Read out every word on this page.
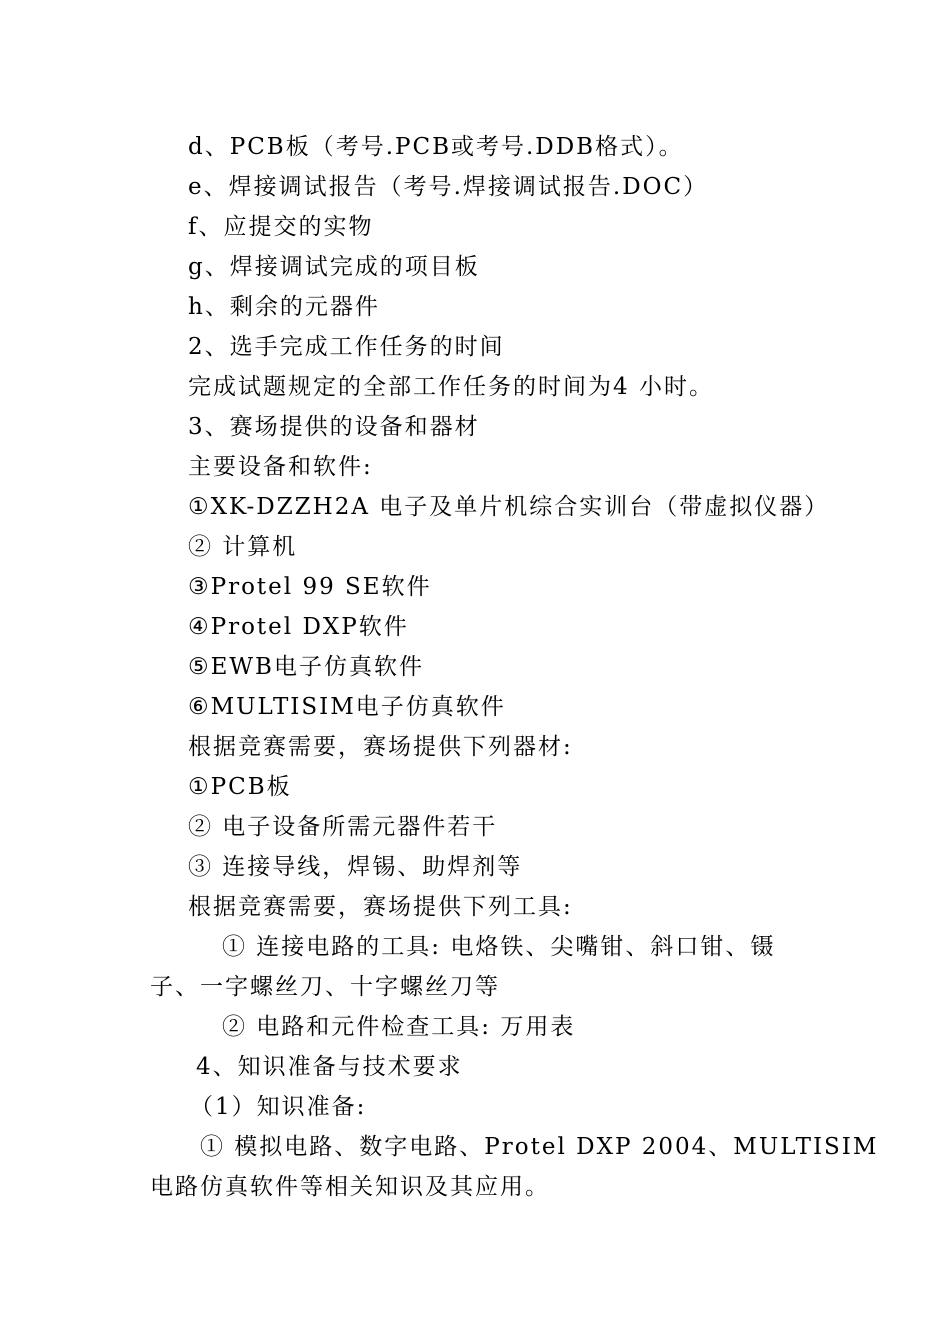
d、PCB板（考号.PCB或考号.DDB格式）。
e、焊接调试报告（考号.焊接调试报告.DOC）
f、应提交的实物
g、焊接调试完成的项目板
h、剩余的元器件
2、选手完成工作任务的时间
完成试题规定的全部工作任务的时间为4 小时。
3、赛场提供的设备和器材
主要设备和软件:
①XK-DZZH2A 电子及单片机综合实训台（带虚拟仪器）
② 计算机
③Protel 99 SE软件
④Protel DXP软件
⑤EWB电子仿真软件
⑥MULTISIM电子仿真软件
根据竞赛需要，赛场提供下列器材:
①PCB板
② 电子设备所需元器件若干
③ 连接导线，焊锡、助焊剂等
根据竞赛需要，赛场提供下列工具:
① 连接电路的工具: 电烙铁、尖嘴钳、斜口钳、镊
子、一字螺丝刀、十字螺丝刀等
② 电路和元件检查工具: 万用表
4、知识准备与技术要求
（1）知识准备:
① 模拟电路、数字电路、Protel DXP 2004、MULTISIM
电路仿真软件等相关知识及其应用。
